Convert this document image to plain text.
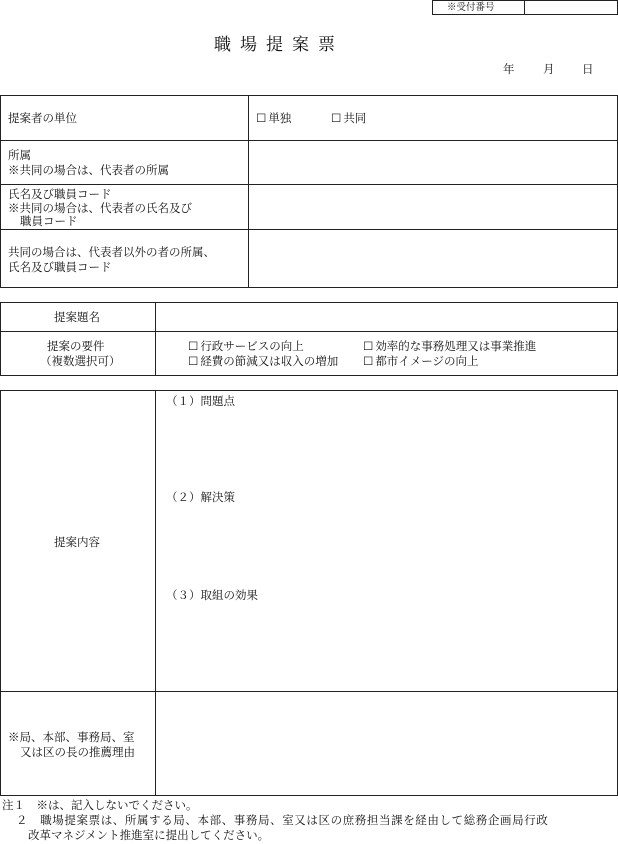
※受付番号
職場提案票
年 月 日
提案者の単位	☐ 単独	☐ 共同
所属
※共同の場合は、代表者の所属
氏名及び職員コード
※共同の場合は、代表者の氏名及び
職員コード
共同の場合は、代表者以外の者の所属、
氏名及び職員コード
提案題名
提案の要件
（複数選択可）
☐ 行政サービスの向上	☐ 効率的な事務処理又は事業推進
☐ 経費の節減又は収入の増加	☐ 都市イメージの向上
提案内容
（１）問題点
（２）解決策
（３）取組の効果
※局、本部、事務局、室
又は区の長の推薦理由
注１　※は、記入しないでください。
２　職場提案票は、所属する局、本部、事務局、室又は区の庶務担当課を経由して総務企画局行政
改革マネジメント推進室に提出してください。
